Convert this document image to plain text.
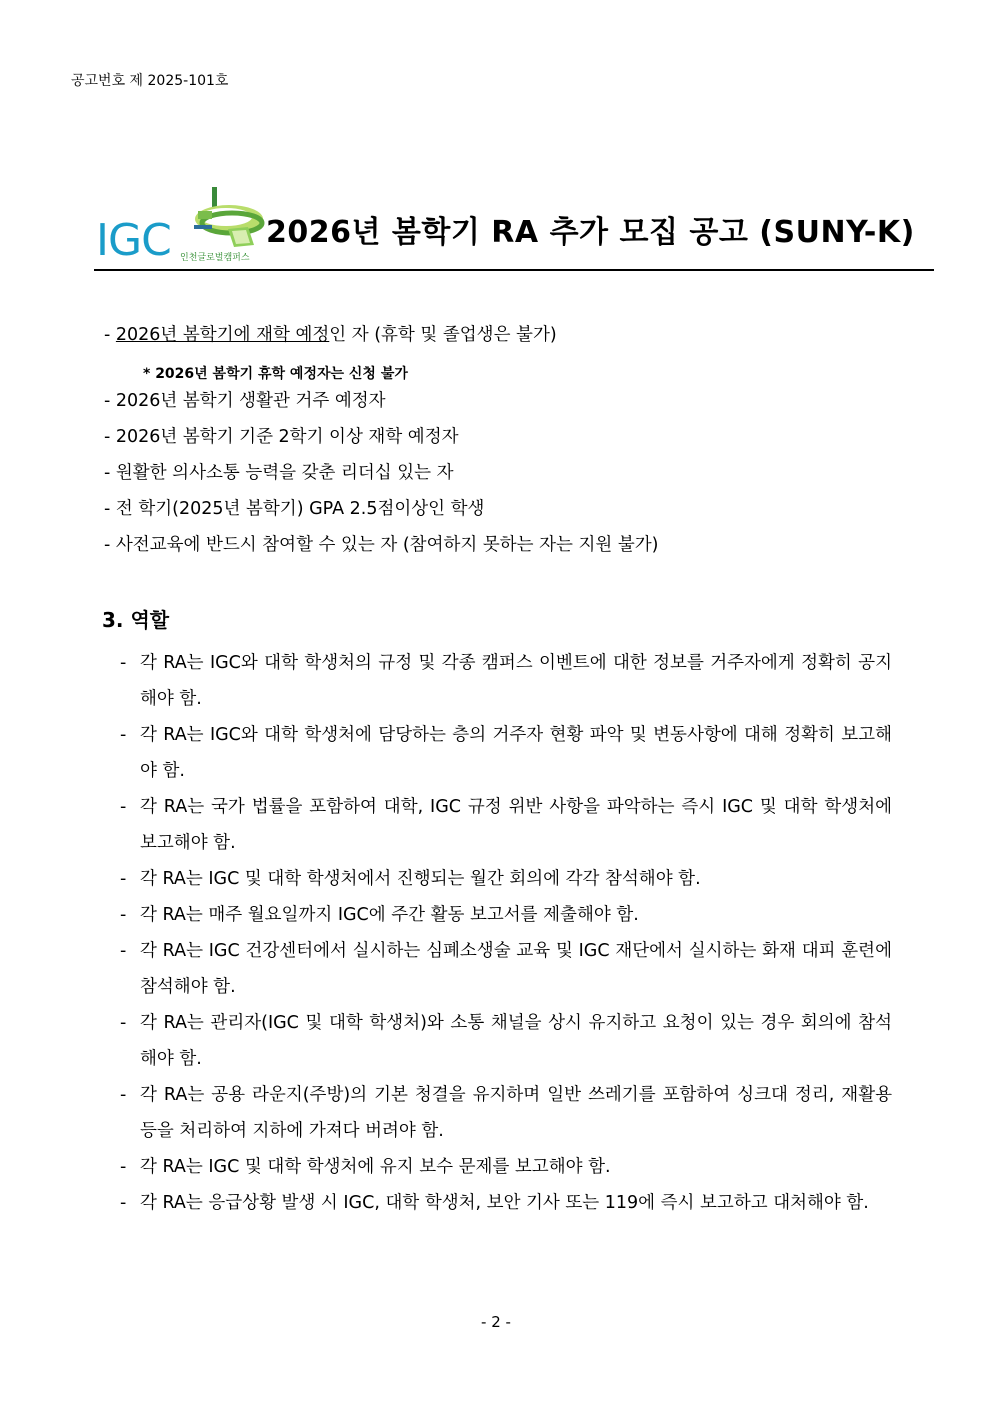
공고번호 제 2025-101호
IGC 인천글로벌캠퍼스
2026년 봄학기 RA 추가 모집 공고 (SUNY-K)
- 2026년 봄학기에 재학 예정인 자 (휴학 및 졸업생은 불가)
* 2026년 봄학기 휴학 예정자는 신청 불가
- 2026년 봄학기 생활관 거주 예정자
- 2026년 봄학기 기준 2학기 이상 재학 예정자
- 원활한 의사소통 능력을 갖춘 리더십 있는 자
- 전 학기(2025년 봄학기) GPA 2.5점이상인 학생
- 사전교육에 반드시 참여할 수 있는 자 (참여하지 못하는 자는 지원 불가)
3. 역할
- 각 RA는 IGC와 대학 학생처의 규정 및 각종 캠퍼스 이벤트에 대한 정보를 거주자에게 정확히 공지해야 함.
- 각 RA는 IGC와 대학 학생처에 담당하는 층의 거주자 현황 파악 및 변동사항에 대해 정확히 보고해야 함.
- 각 RA는 국가 법률을 포함하여 대학, IGC 규정 위반 사항을 파악하는 즉시 IGC 및 대학 학생처에 보고해야 함.
- 각 RA는 IGC 및 대학 학생처에서 진행되는 월간 회의에 각각 참석해야 함.
- 각 RA는 매주 월요일까지 IGC에 주간 활동 보고서를 제출해야 함.
- 각 RA는 IGC 건강센터에서 실시하는 심폐소생술 교육 및 IGC 재단에서 실시하는 화재 대피 훈련에 참석해야 함.
- 각 RA는 관리자(IGC 및 대학 학생처)와 소통 채널을 상시 유지하고 요청이 있는 경우 회의에 참석해야 함.
- 각 RA는 공용 라운지(주방)의 기본 청결을 유지하며 일반 쓰레기를 포함하여 싱크대 정리, 재활용 등을 처리하여 지하에 가져다 버려야 함.
- 각 RA는 IGC 및 대학 학생처에 유지 보수 문제를 보고해야 함.
- 각 RA는 응급상황 발생 시 IGC, 대학 학생처, 보안 기사 또는 119에 즉시 보고하고 대처해야 함.
- 2 -
